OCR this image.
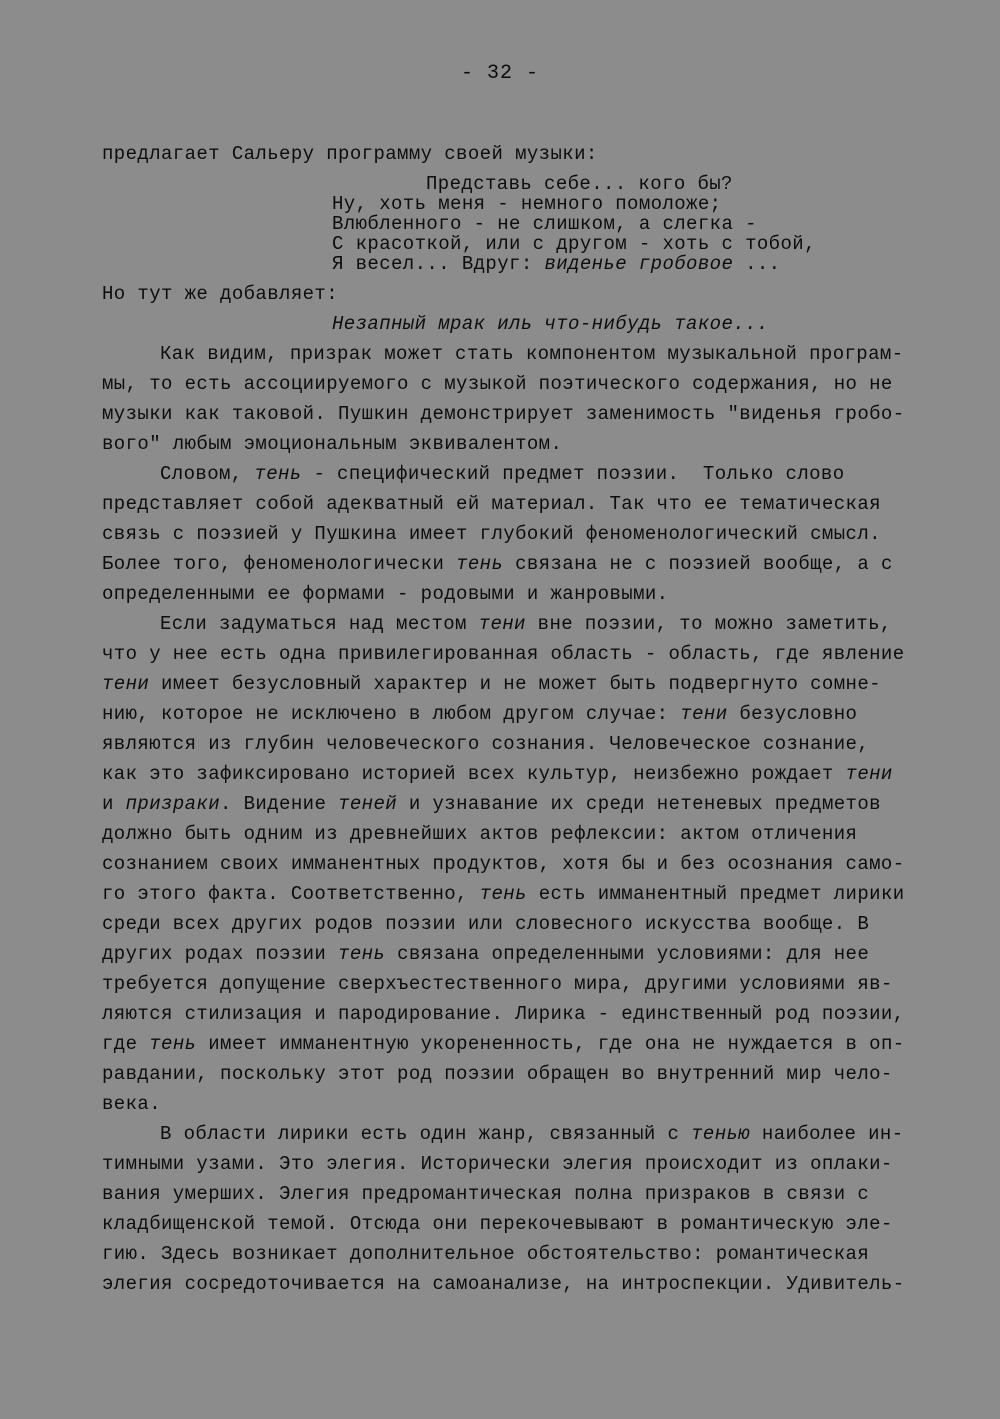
- 32 -
предлагает Сальеру программу своей музыки:
Представь себе... кого бы?
Ну, хоть меня - немного помоложе;
Влюбленного - не слишком, а слегка -
С красоткой, или с другом - хоть с тобой,
Я весел... Вдруг: виденье гробовое ...
Но тут же добавляет:
Незапный мрак иль что-нибудь такое...
Как видим, призрак может стать компонентом музыкальной програм-
мы, то есть ассоциируемого с музыкой поэтического содержания, но не
музыки как таковой. Пушкин демонстрирует заменимость "виденья гробо-
вого" любым эмоциональным эквивалентом.
Словом, тень - специфический предмет поэзии.  Только слово
представляет собой адекватный ей материал. Так что ее тематическая
связь с поэзией у Пушкина имеет глубокий феноменологический смысл.
Более того, феноменологически тень связана не с поэзией вообще, а с
определенными ее формами - родовыми и жанровыми.
Если задуматься над местом тени вне поэзии, то можно заметить,
что у нее есть одна привилегированная область - область, где явление
тени имеет безусловный характер и не может быть подвергнуто сомне-
нию, которое не исключено в любом другом случае: тени безусловно
являются из глубин человеческого сознания. Человеческое сознание,
как это зафиксировано историей всех культур, неизбежно рождает тени
и призраки. Видение теней и узнавание их среди нетеневых предметов
должно быть одним из древнейших актов рефлексии: актом отличения
сознанием своих имманентных продуктов, хотя бы и без осознания само-
го этого факта. Соответственно, тень есть имманентный предмет лирики
среди всех других родов поэзии или словесного искусства вообще. В
других родах поэзии тень связана определенными условиями: для нее
требуется допущение сверхъестественного мира, другими условиями яв-
ляются стилизация и пародирование. Лирика - единственный род поэзии,
где тень имеет имманентную укорененность, где она не нуждается в оп-
равдании, поскольку этот род поэзии обращен во внутренний мир чело-
века.
В области лирики есть один жанр, связанный с тенью наиболее ин-
тимными узами. Это элегия. Исторически элегия происходит из оплаки-
вания умерших. Элегия предромантическая полна призраков в связи с
кладбищенской темой. Отсюда они перекочевывают в романтическую эле-
гию. Здесь возникает дополнительное обстоятельство: романтическая
элегия сосредоточивается на самоанализе, на интроспекции. Удивитель-
